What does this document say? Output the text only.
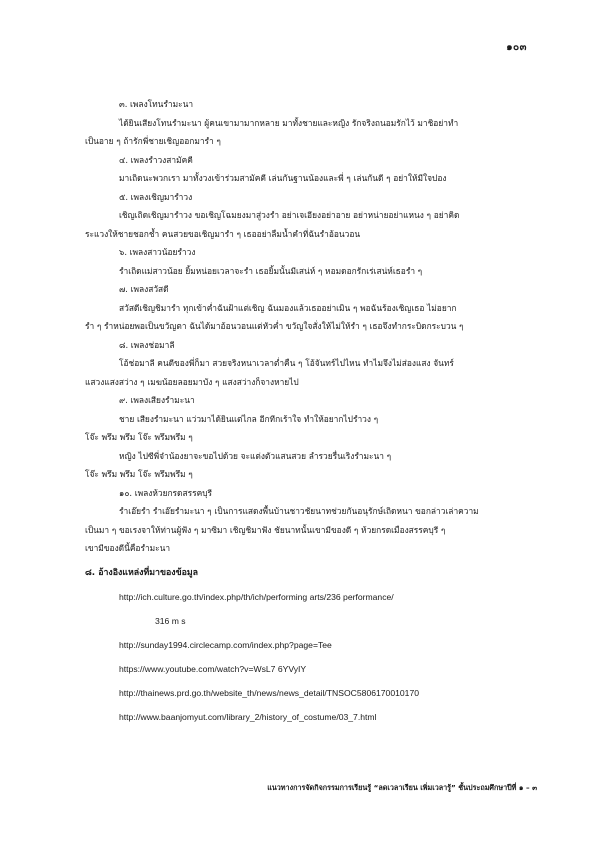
๑๐๓
๓. เพลงโทนรำมะนา
ได้ยินเสียงโทนรำมะนา ผู้คนเขามามากหลาย มาทั้งชายและหญิง รักจริงถนอมรักไว้ มาชิอย่าทำ
เป็นอาย ๆ ถ้ารักพี่ชายเชิญออกมารำ ๆ
๔. เพลงรำวงสามัคคี
มาเถิดนะพวกเรา มาทั้งวงเข้าร่วมสามัคคี เล่นกันฐานน้องและพี่ ๆ เล่นกันดี ๆ อย่าให้มีใจปอง
๕. เพลงเชิญมารำวง
เชิญเถิดเชิญมารำวง ขอเชิญโฉมยงมาสู่วงรำ อย่าเจเอียงอย่าอาย อย่าหน่ายอย่าแหนง ๆ อย่าคิด
ระแวงให้ชายชอกช้ำ คนสวยขอเชิญมารำ ๆ เธออย่าลืมน้ำคำที่ฉันรำอ้อนวอน
๖. เพลงสาวน้อยรำวง
รำเถิดแม่สาวน้อย ยิ้มหน่อยเวลาจะรำ เธอยิ้มนั้นมีเสน่ห์ ๆ หอมดอกรักเร่เสน่ห์เธอรำ ๆ
๗. เพลงสวัสดี
สวัสดีเชิญชิมารำ ทุกเข้าค่ำฉันฝ้าแต่เชิญ ฉันมองแล้วเธออย่าเมิน ๆ พอฉันร้องเชิญเธอ ไม่อยาก
รำ ๆ รำหน่อยพอเป็นขวัญตา ฉันได้มาอ้อนวอนแต่หัวค่ำ ขวัญใจสั่งให้ไม่ให้รำ ๆ เธอจึงทำกระบิดกระบวน ๆ
๘. เพลงช่อมาลี
โอ้ช่อมาลี คนดีของพี่ก็มา สวยจริงหนาเวลาต่ำคืน ๆ โอ้จันทร์ไปไหน ทำไมจึงไม่ส่องแสง จันทร์
แสวงแสงสว่าง ๆ เมฆน้อยลอยมาบัง ๆ แสงสว่างก็จางหายไป
๙. เพลงเสียงรำมะนา
ชาย เสียงรำมะนา แว่วมาได้ยินแต่ไกล อีกทีกเร้าใจ ทำให้อยากไปรำวง ๆ
โจ๊ะ พรึม พรึม โจ๊ะ พรึมพรึม ๆ
หญิง ไปซีพี่จ๋าน้องยาจะขอไปด้วย จะแต่งตัวแสนสวย ลำรวยรื่นเริงรำมะนา ๆ
โจ๊ะ พรึม พรึม โจ๊ะ พรึมพรึม ๆ
๑๐. เพลงห้วยกรดสรรคบุรี
รำเอ๊ยรำ รำเอ๊ยรำมะนา ๆ เป็นการแสดงพื้นบ้านชาวชัยนาทช่วยกันอนุรักษ์เถิดหนา ขอกล่าวเล่าความ
เป็นมา ๆ ขอเรงจาให้ท่านผู้ฟัง ๆ มาซิมา เชิญชิมาฟัง ชัยนาทนั้นเขามีของดี ๆ ห้วยกรดเมืองสรรคบุรี ๆ
เขามีของดีนี้คือรำมะนา
๘. อ้างอิงแหล่งที่มาของข้อมูล
http://ich.culture.go.th/index.php/th/ich/performing arts/236 performance/
316 m s
http://sunday1994.circlecamp.com/index.php?page=Tee
https://www.youtube.com/watch?v=WsL7 6YVyIY
http://thainews.prd.go.th/website_th/news/news_detail/TNSOC5806170010170
http://www.baanjomyut.com/library_2/history_of_costume/03_7.html
แนวทางการจัดกิจกรรมการเรียนรู้ “ลดเวลาเรียน เพิ่มเวลารู้” ชั้นประถมศึกษาปีที่ ๑ – ๓
